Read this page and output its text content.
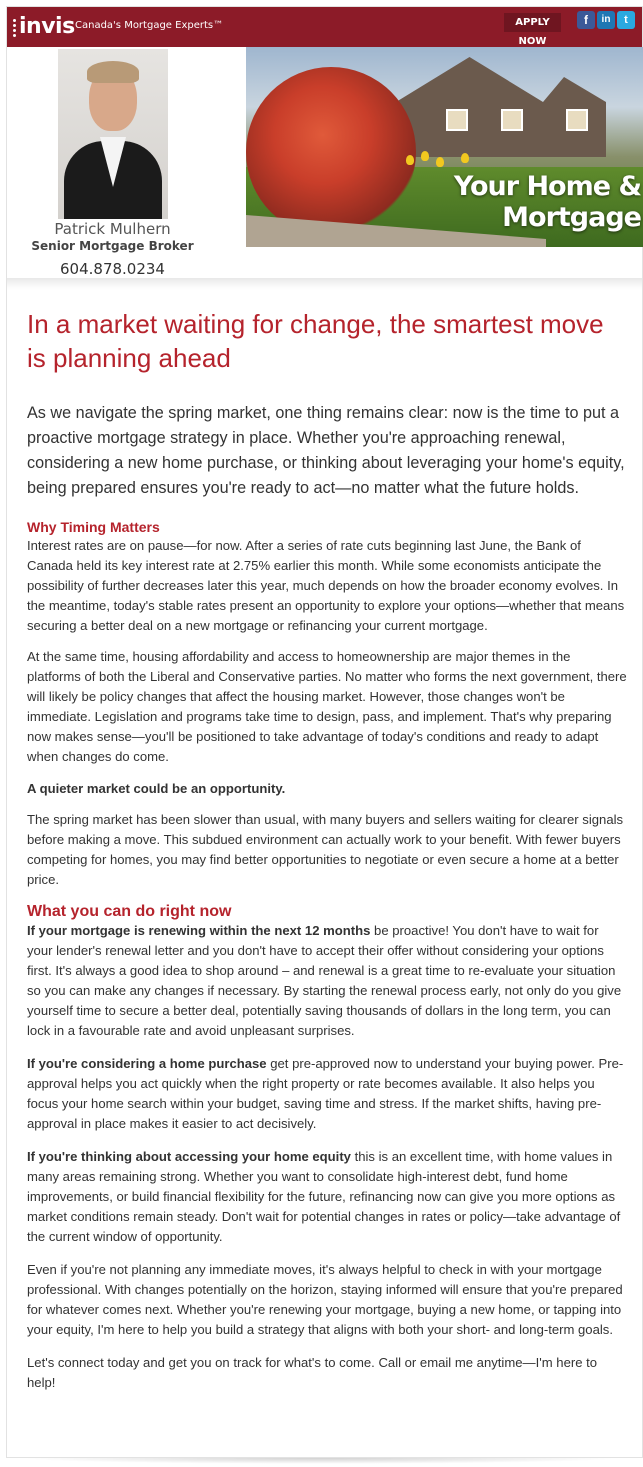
invis Canada's Mortgage Experts™	APPLY NOW
f	in	t
Patrick Mulhern
Senior Mortgage Broker
604.878.0234
Your Home & Mortgage
In a market waiting for change, the smartest move is planning ahead

As we navigate the spring market, one thing remains clear: now is the time to put a proactive mortgage strategy in place. Whether you're approaching renewal, considering a new home purchase, or thinking about leveraging your home's equity, being prepared ensures you're ready to act—no matter what the future holds.

Why Timing Matters

Interest rates are on pause—for now. After a series of rate cuts beginning last June, the Bank of Canada held its key interest rate at 2.75% earlier this month. While some economists anticipate the possibility of further decreases later this year, much depends on how the broader economy evolves. In the meantime, today's stable rates present an opportunity to explore your options—whether that means securing a better deal on a new mortgage or refinancing your current mortgage.

At the same time, housing affordability and access to homeownership are major themes in the platforms of both the Liberal and Conservative parties. No matter who forms the next government, there will likely be policy changes that affect the housing market. However, those changes won't be immediate. Legislation and programs take time to design, pass, and implement. That's why preparing now makes sense—you'll be positioned to take advantage of today's conditions and ready to adapt when changes do come.

A quieter market could be an opportunity.

The spring market has been slower than usual, with many buyers and sellers waiting for clearer signals before making a move. This subdued environment can actually work to your benefit. With fewer buyers competing for homes, you may find better opportunities to negotiate or even secure a home at a better price.

What you can do right now

If your mortgage is renewing within the next 12 months be proactive! You don't have to wait for your lender's renewal letter and you don't have to accept their offer without considering your options first. It's always a good idea to shop around – and renewal is a great time to re-evaluate your situation so you can make any changes if necessary. By starting the renewal process early, not only do you give yourself time to secure a better deal, potentially saving thousands of dollars in the long term, you can lock in a favourable rate and avoid unpleasant surprises.

If you're considering a home purchase get pre-approved now to understand your buying power. Pre-approval helps you act quickly when the right property or rate becomes available. It also helps you focus your home search within your budget, saving time and stress. If the market shifts, having pre-approval in place makes it easier to act decisively.

If you're thinking about accessing your home equity this is an excellent time, with home values in many areas remaining strong. Whether you want to consolidate high-interest debt, fund home improvements, or build financial flexibility for the future, refinancing now can give you more options as market conditions remain steady. Don't wait for potential changes in rates or policy—take advantage of the current window of opportunity.

Even if you're not planning any immediate moves, it's always helpful to check in with your mortgage professional. With changes potentially on the horizon, staying informed will ensure that you're prepared for whatever comes next. Whether you're renewing your mortgage, buying a new home, or tapping into your equity, I'm here to help you build a strategy that aligns with both your short- and long-term goals.

Let's connect today and get you on track for what's to come. Call or email me anytime—I'm here to help!
